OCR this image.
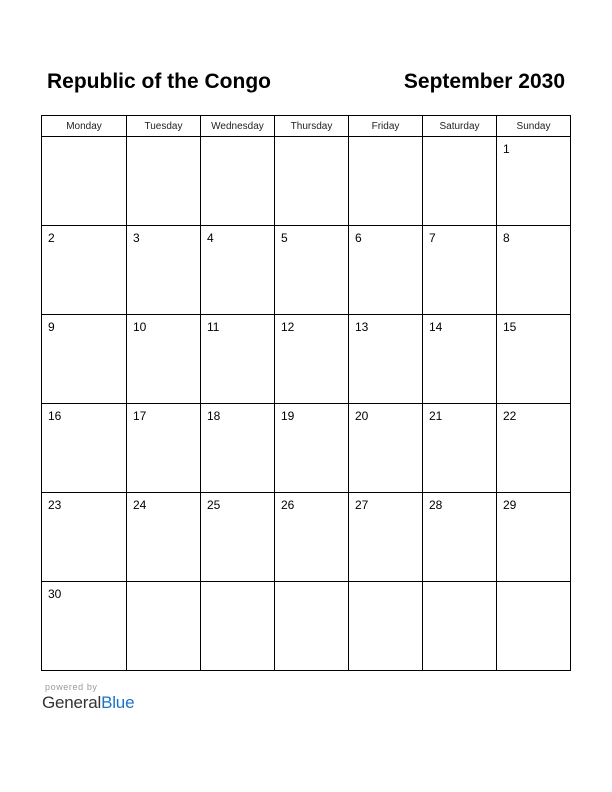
Republic of the Congo	September 2030
Monday	Tuesday	Wednesday	Thursday	Friday	Saturday	Sunday

						1

2	3	4	5	6	7	8

9	10	11	12	13	14	15

16	17	18	19	20	21	22

23	24	25	26	27	28	29

30						

powered by
GeneralBlue
